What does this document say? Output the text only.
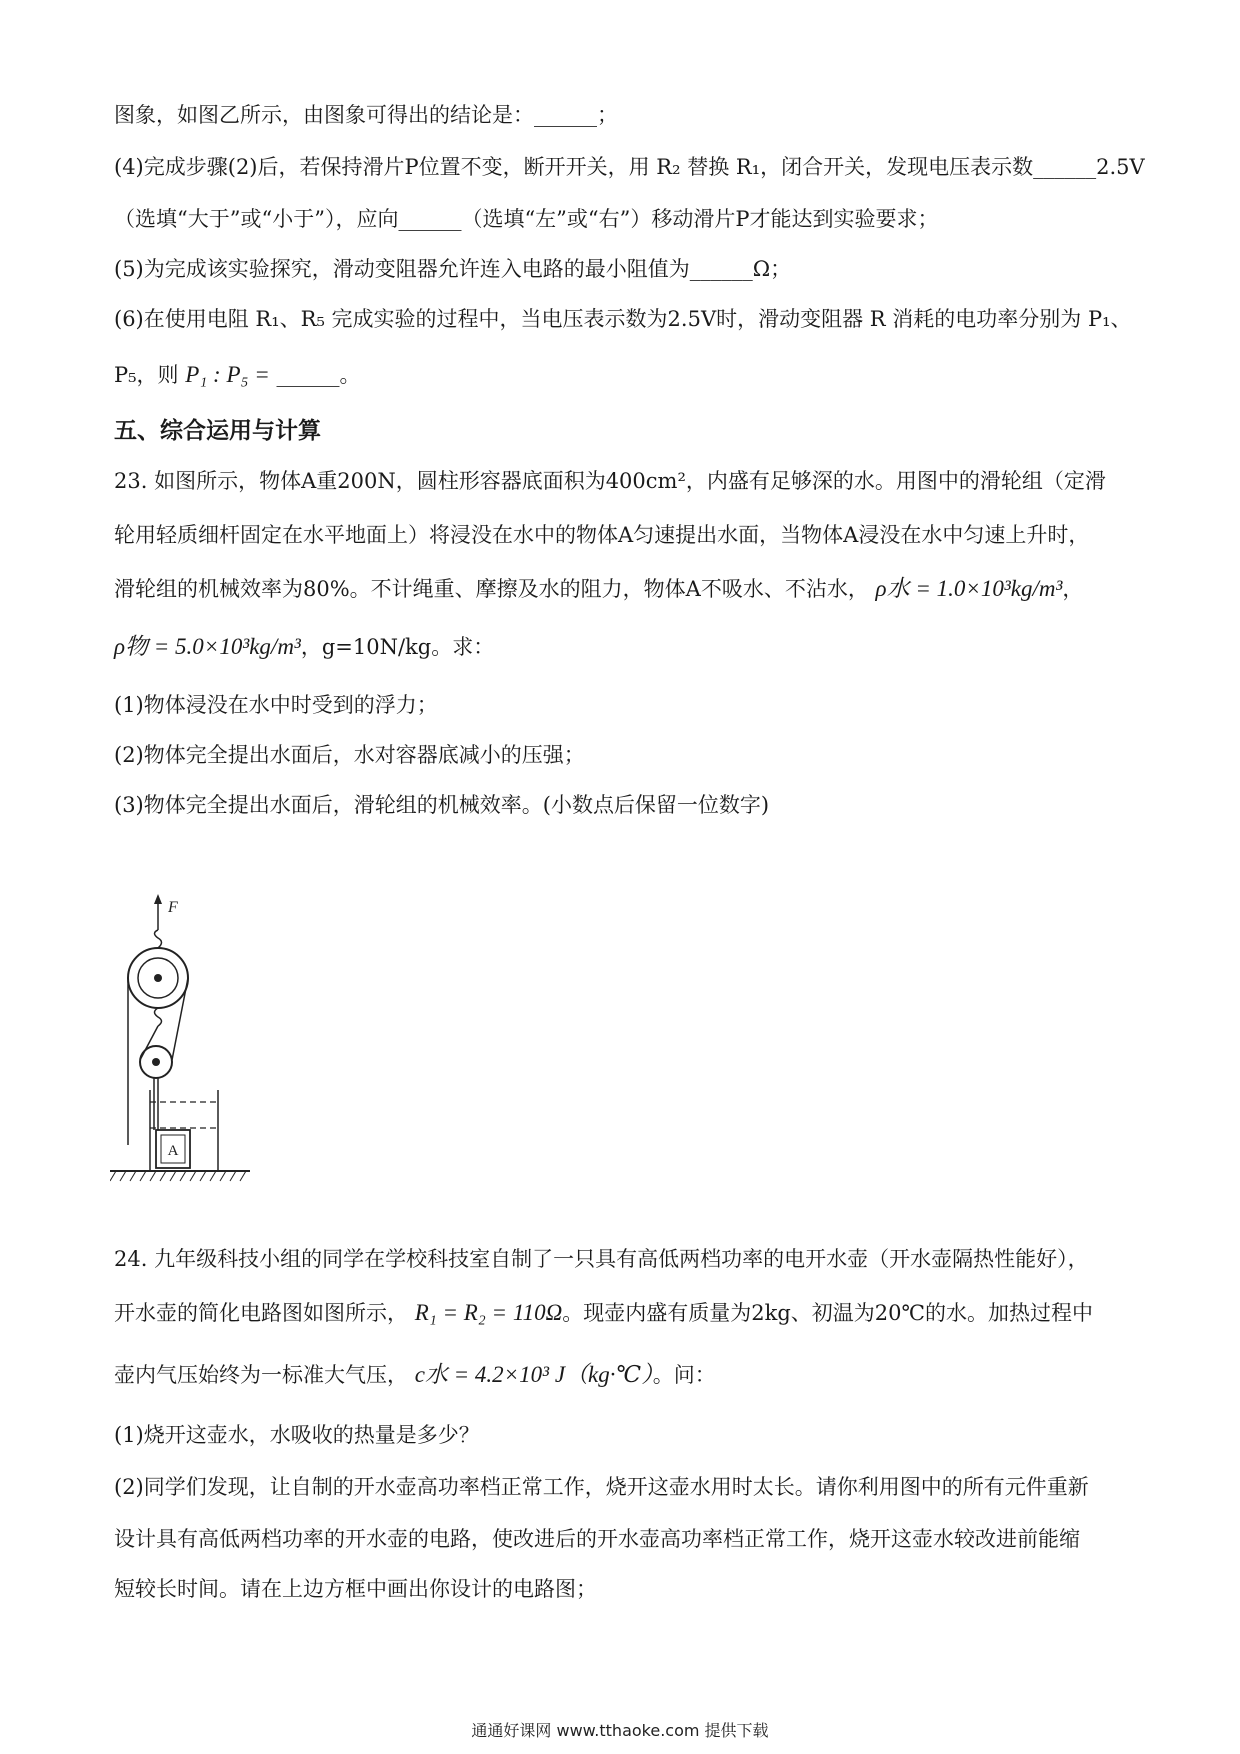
图象，如图乙所示，由图象可得出的结论是：______；
(4)完成步骤(2)后，若保持滑片P位置不变，断开开关，用 R₂ 替换 R₁，闭合开关，发现电压表示数______2.5V
（选填“大于”或“小于”），应向______（选填“左”或“右”）移动滑片P才能达到实验要求；
(5)为完成该实验探究，滑动变阻器允许连入电路的最小阻值为______Ω；
(6)在使用电阻 R₁、R₅ 完成实验的过程中，当电压表示数为2.5V时，滑动变阻器 R 消耗的电功率分别为 P₁、
P₅，则 P₁ : P₅ = ______。
五、综合运用与计算
23. 如图所示，物体A重200N，圆柱形容器底面积为400cm²，内盛有足够深的水。用图中的滑轮组（定滑
轮用轻质细杆固定在水平地面上）将浸没在水中的物体A匀速提出水面，当物体A浸没在水中匀速上升时，
滑轮组的机械效率为80%。不计绳重、摩擦及水的阻力，物体A不吸水、不沾水， ρ水 = 1.0×10³kg/m³，
ρ物 = 5.0×10³kg/m³，g=10N/kg。求：
(1)物体浸没在水中时受到的浮力；
(2)物体完全提出水面后，水对容器底减小的压强；
(3)物体完全提出水面后，滑轮组的机械效率。(小数点后保留一位数字)
F
A
24. 九年级科技小组的同学在学校科技室自制了一只具有高低两档功率的电开水壶（开水壶隔热性能好），
开水壶的简化电路图如图所示， R₁ = R₂ = 110Ω。现壶内盛有质量为2kg、初温为20℃的水。加热过程中
壶内气压始终为一标准大气压， c水 = 4.2×10³ J（kg·℃）。问：
(1)烧开这壶水，水吸收的热量是多少？
(2)同学们发现，让自制的开水壶高功率档正常工作，烧开这壶水用时太长。请你利用图中的所有元件重新
设计具有高低两档功率的开水壶的电路，使改进后的开水壶高功率档正常工作，烧开这壶水较改进前能缩
短较长时间。请在上边方框中画出你设计的电路图；
通通好课网 www.tthaoke.com 提供下载
